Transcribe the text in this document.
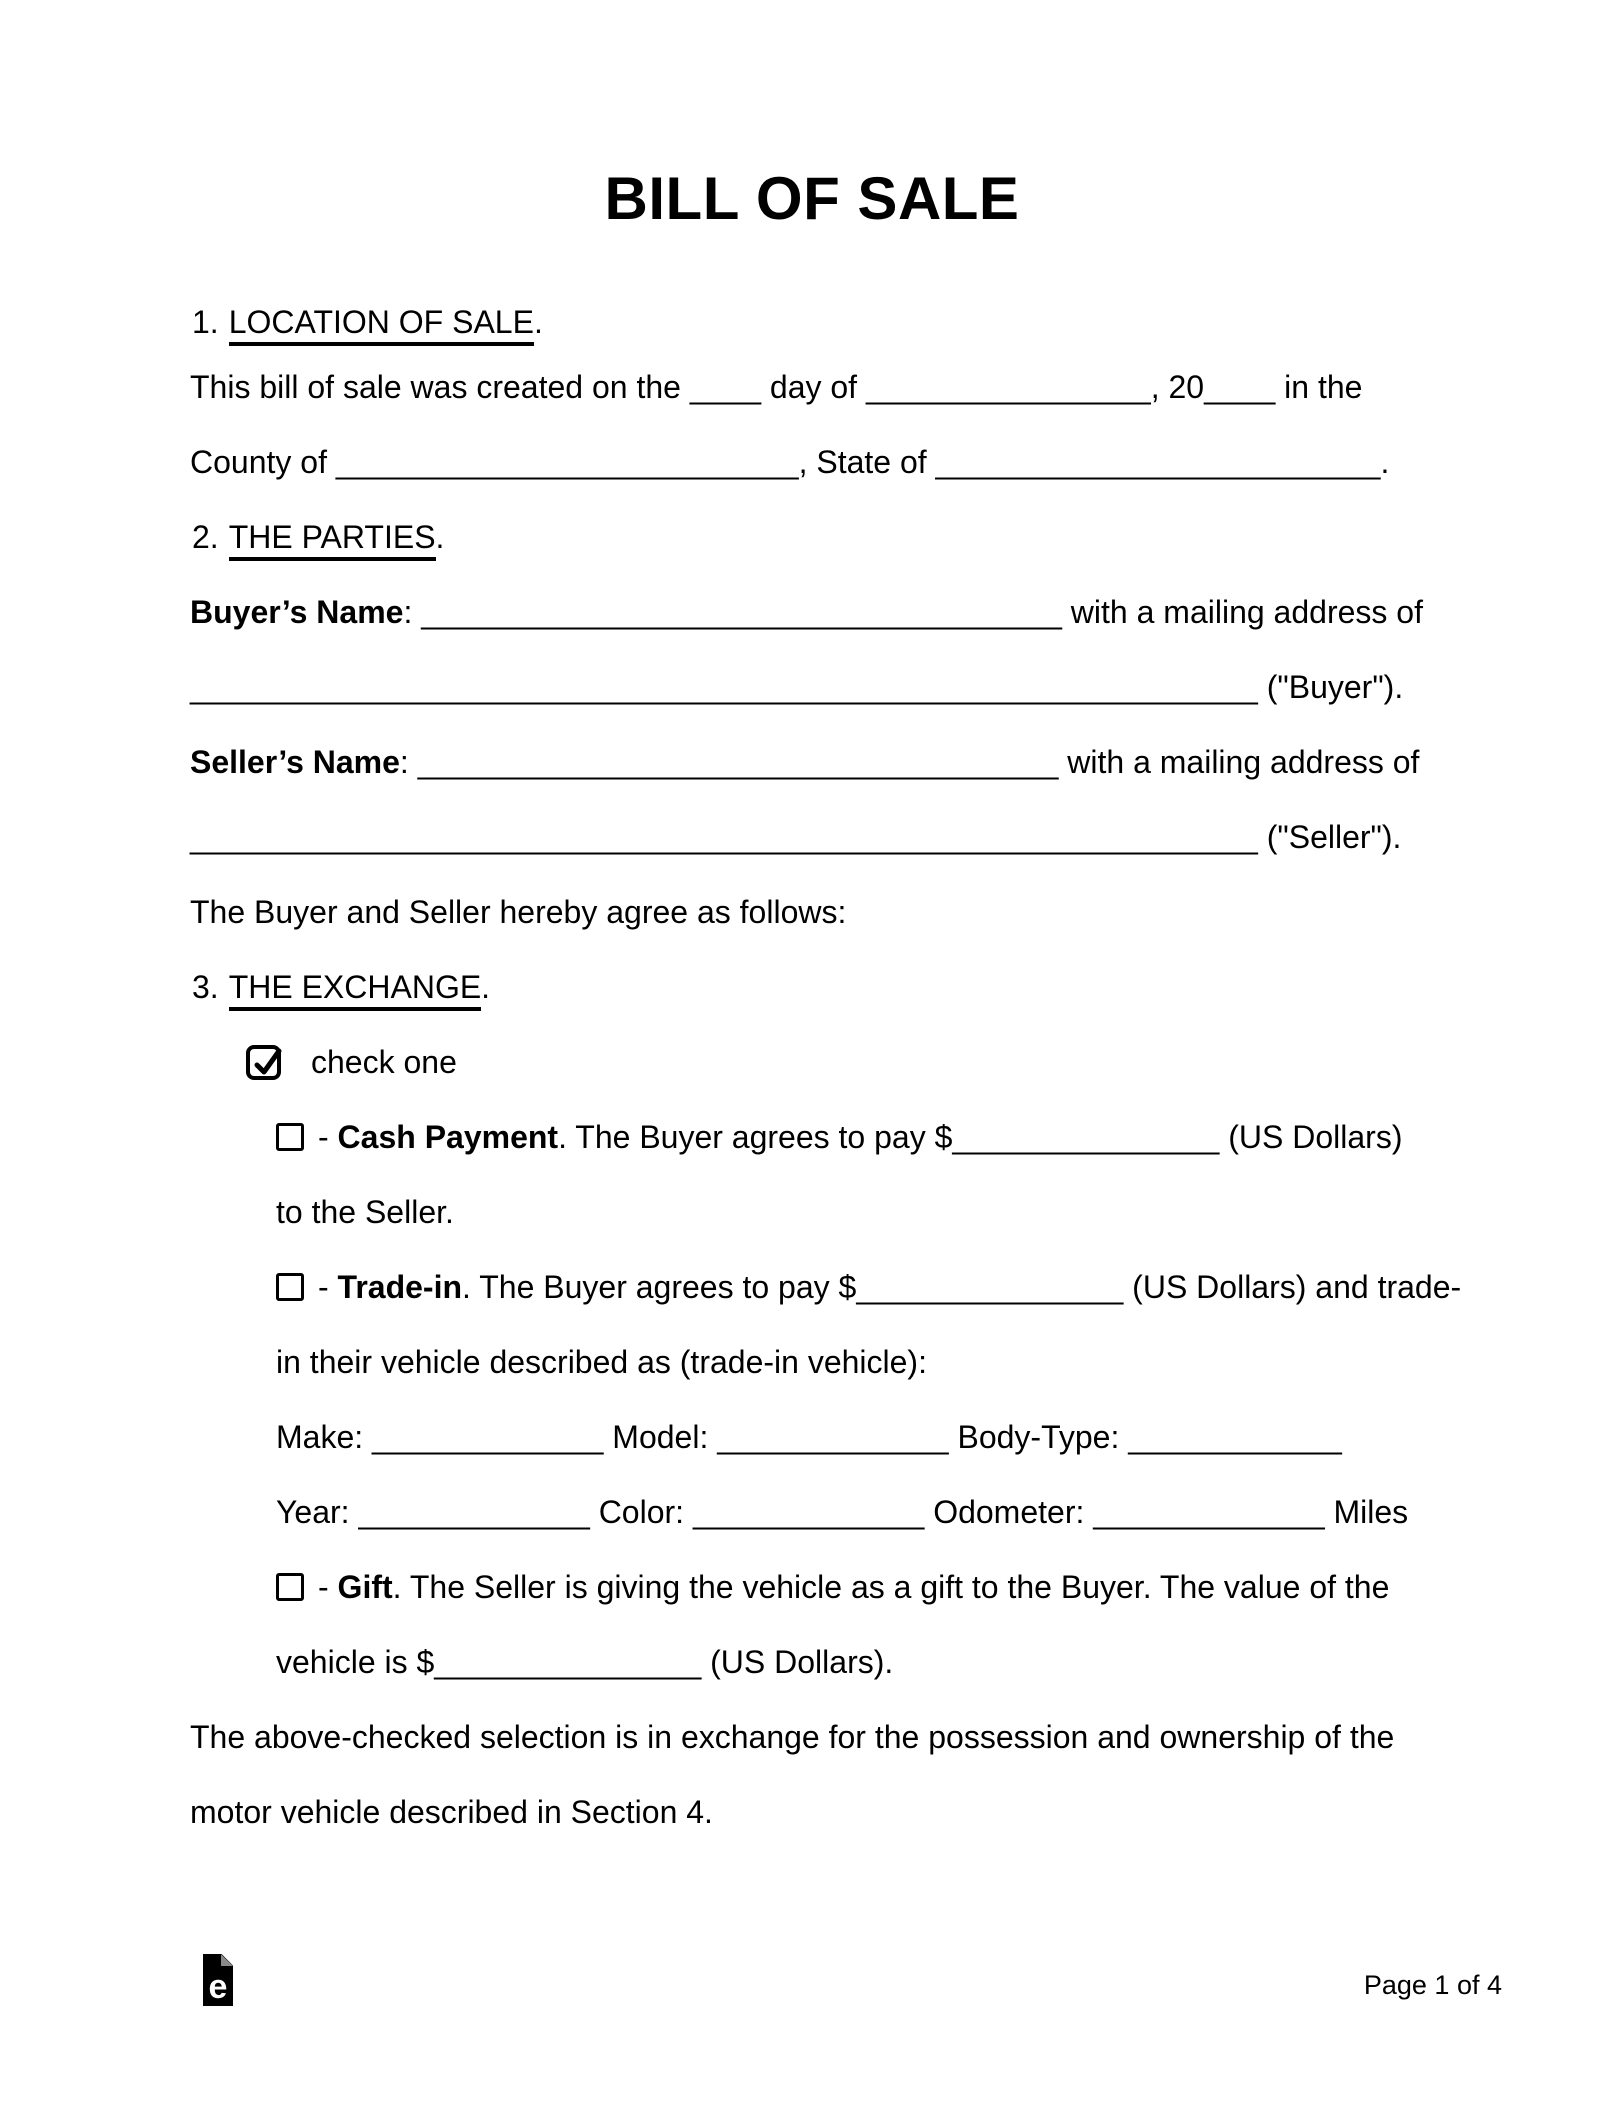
BILL OF SALE
1. LOCATION OF SALE.
This bill of sale was created on the ____ day of ________________, 20____ in the
County of __________________________, State of _________________________.
2. THE PARTIES.
Buyer’s Name: ____________________________________ with a mailing address of
____________________________________________________________ ("Buyer").
Seller’s Name: ____________________________________ with a mailing address of
____________________________________________________________ ("Seller").
The Buyer and Seller hereby agree as follows:
3. THE EXCHANGE.
check one
- Cash Payment. The Buyer agrees to pay $_______________ (US Dollars)
to the Seller.
- Trade-in. The Buyer agrees to pay $_______________ (US Dollars) and trade-
in their vehicle described as (trade-in vehicle):
Make: _____________ Model: _____________ Body-Type: ____________
Year: _____________ Color: _____________ Odometer: _____________ Miles
- Gift. The Seller is giving the vehicle as a gift to the Buyer. The value of the
vehicle is $_______________ (US Dollars).
The above-checked selection is in exchange for the possession and ownership of the
motor vehicle described in Section 4.
e	Page 1 of 4
